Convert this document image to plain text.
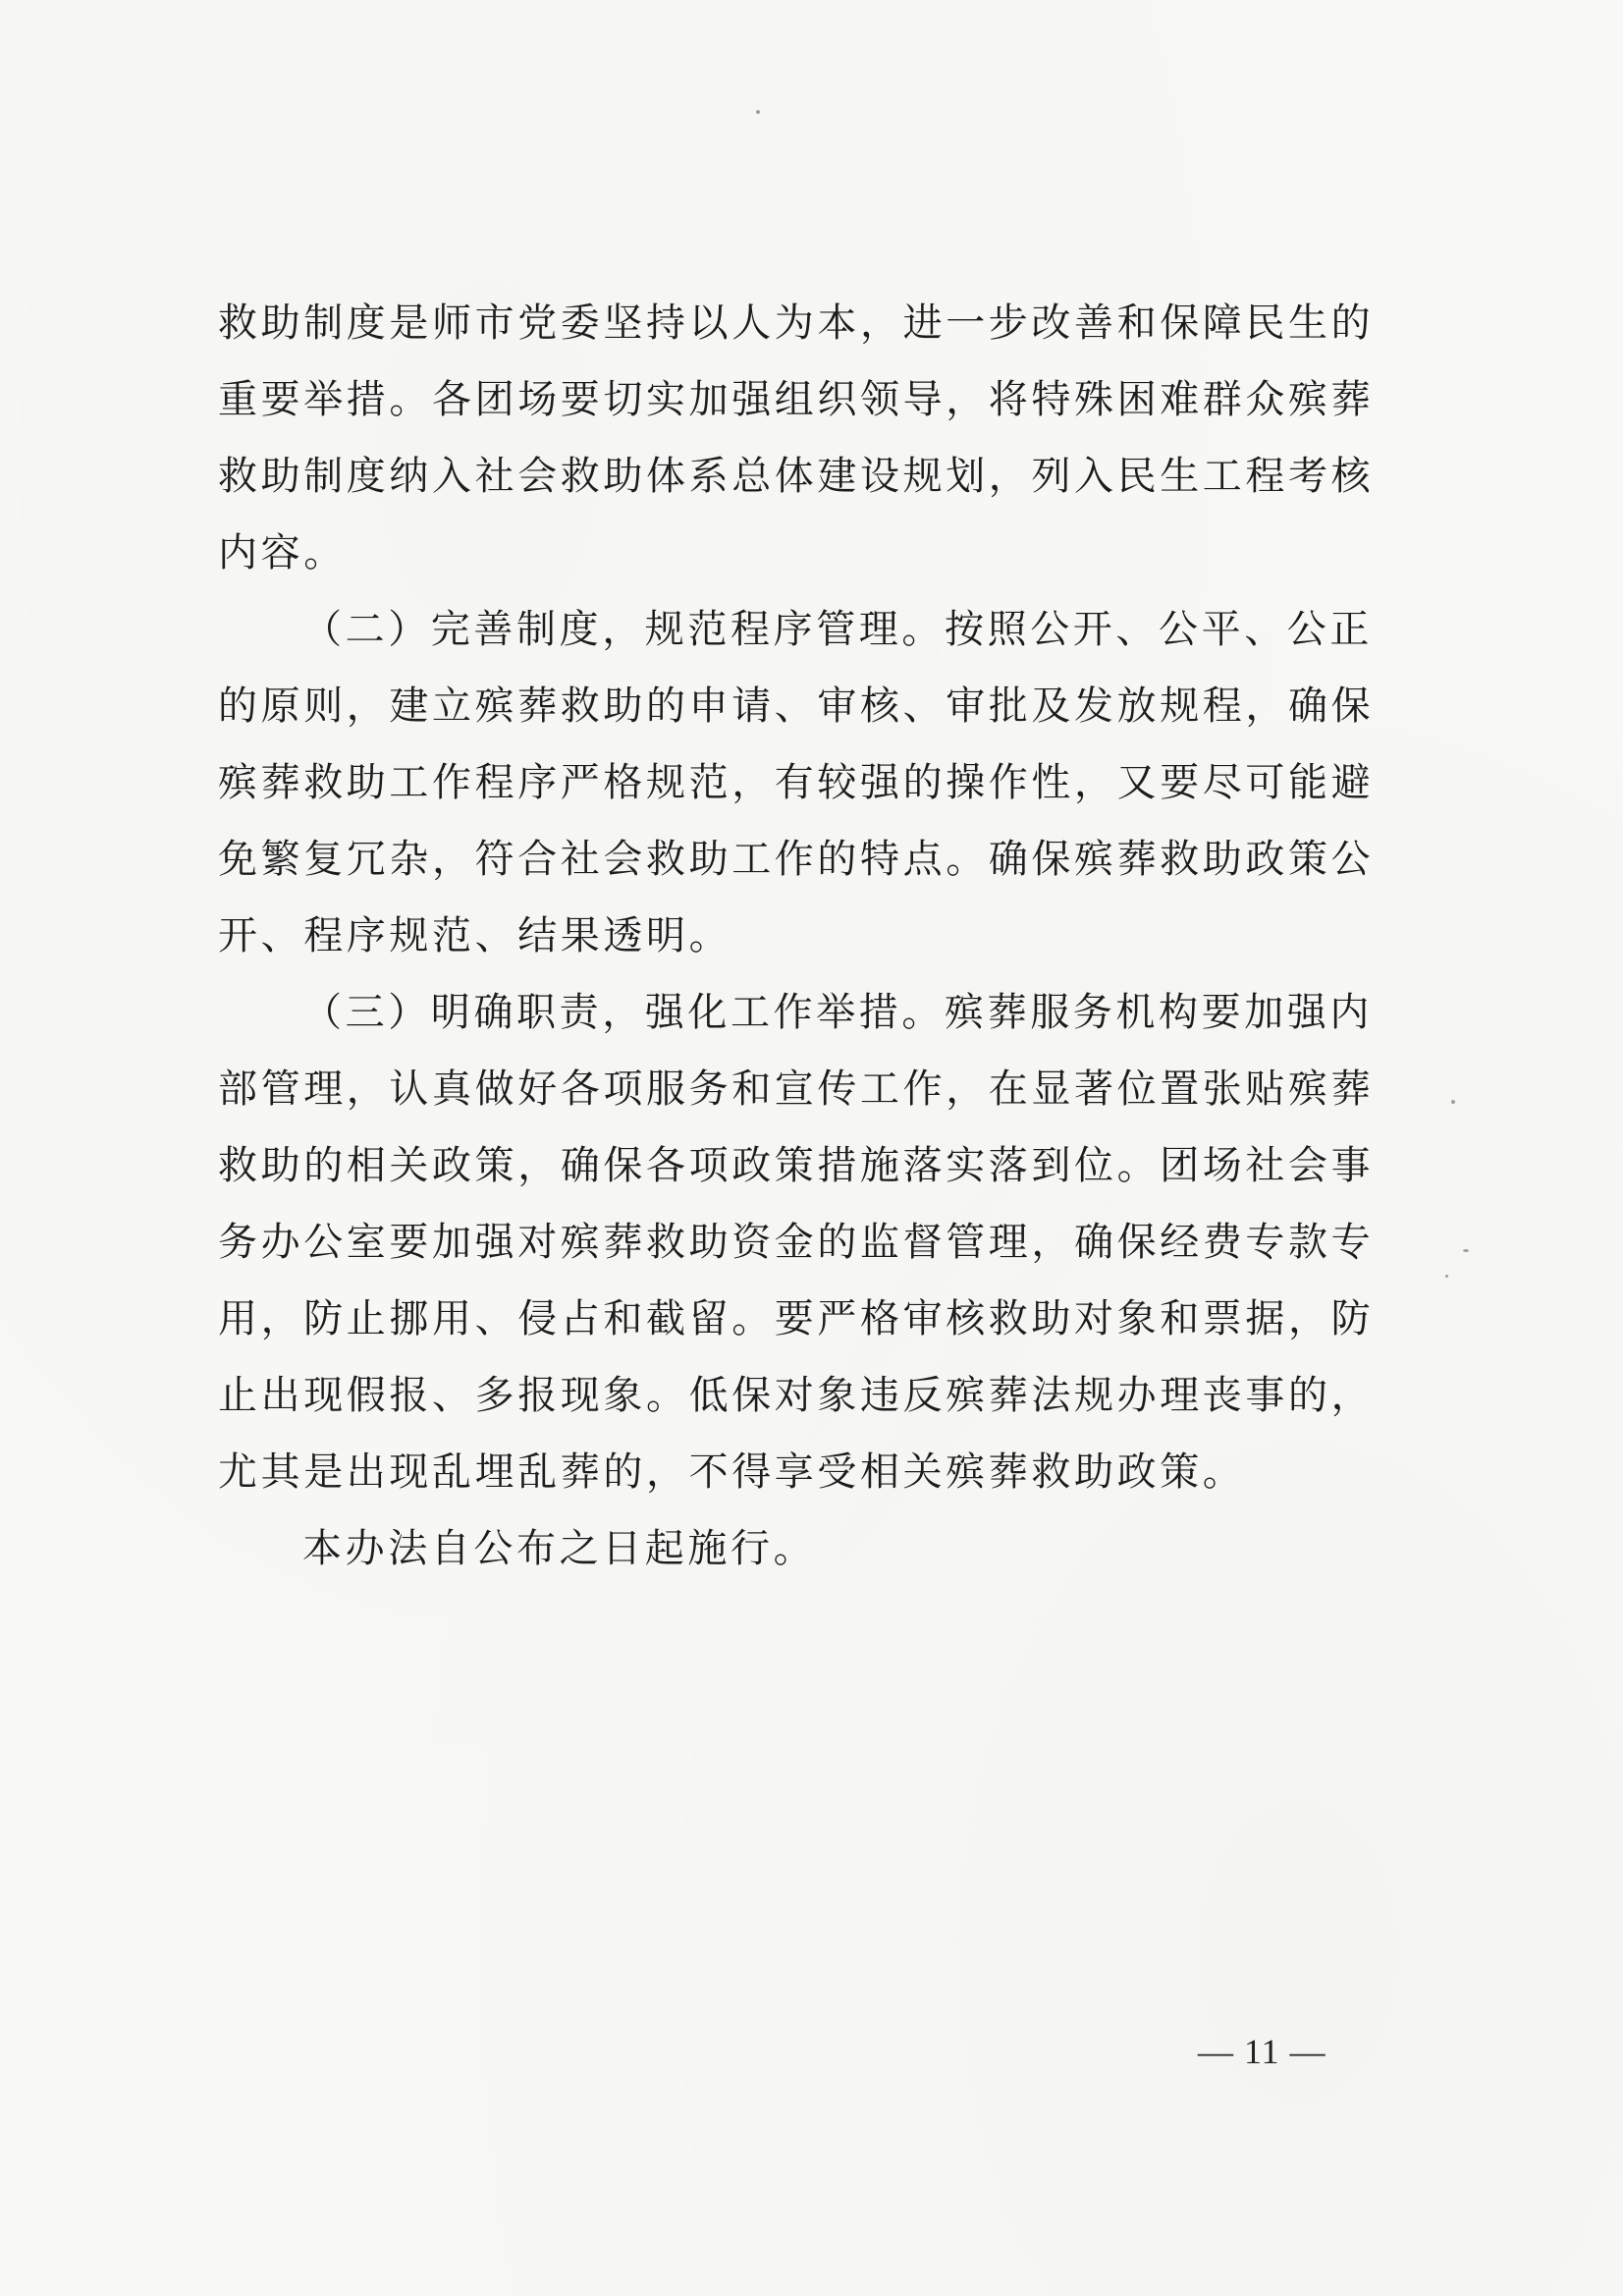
救助制度是师市党委坚持以人为本，进一步改善和保障民生的
重要举措。各团场要切实加强组织领导，将特殊困难群众殡葬
救助制度纳入社会救助体系总体建设规划，列入民生工程考核
内容。
（二）完善制度，规范程序管理。按照公开、公平、公正
的原则，建立殡葬救助的申请、审核、审批及发放规程，确保
殡葬救助工作程序严格规范，有较强的操作性，又要尽可能避
免繁复冗杂，符合社会救助工作的特点。确保殡葬救助政策公
开、程序规范、结果透明。
（三）明确职责，强化工作举措。殡葬服务机构要加强内
部管理，认真做好各项服务和宣传工作，在显著位置张贴殡葬
救助的相关政策，确保各项政策措施落实落到位。团场社会事
务办公室要加强对殡葬救助资金的监督管理，确保经费专款专
用，防止挪用、侵占和截留。要严格审核救助对象和票据，防
止出现假报、多报现象。低保对象违反殡葬法规办理丧事的，
尤其是出现乱埋乱葬的，不得享受相关殡葬救助政策。
本办法自公布之日起施行。
— 11 —
